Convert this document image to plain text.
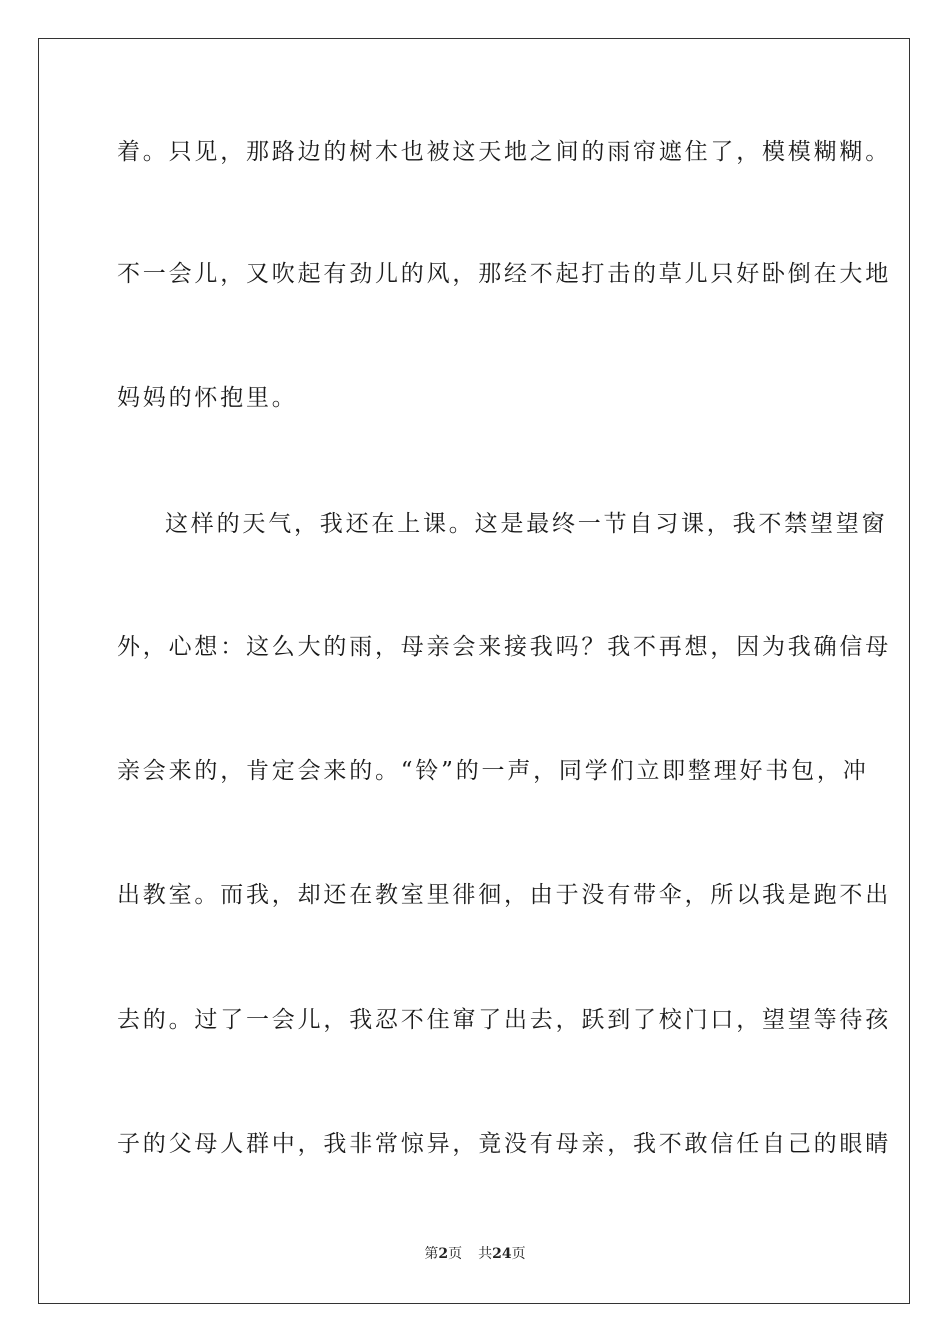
着。只见，那路边的树木也被这天地之间的雨帘遮住了，模模糊糊。
不一会儿，又吹起有劲儿的风，那经不起打击的草儿只好卧倒在大地
妈妈的怀抱里。
这样的天气，我还在上课。这是最终一节自习课，我不禁望望窗
外，心想：这么大的雨，母亲会来接我吗？我不再想，因为我确信母
亲会来的，肯定会来的。“铃”的一声，同学们立即整理好书包，冲
出教室。而我，却还在教室里徘徊，由于没有带伞，所以我是跑不出
去的。过了一会儿，我忍不住窜了出去，跃到了校门口，望望等待孩
子的父母人群中，我非常惊异，竟没有母亲，我不敢信任自己的眼睛
第2页 共24页
